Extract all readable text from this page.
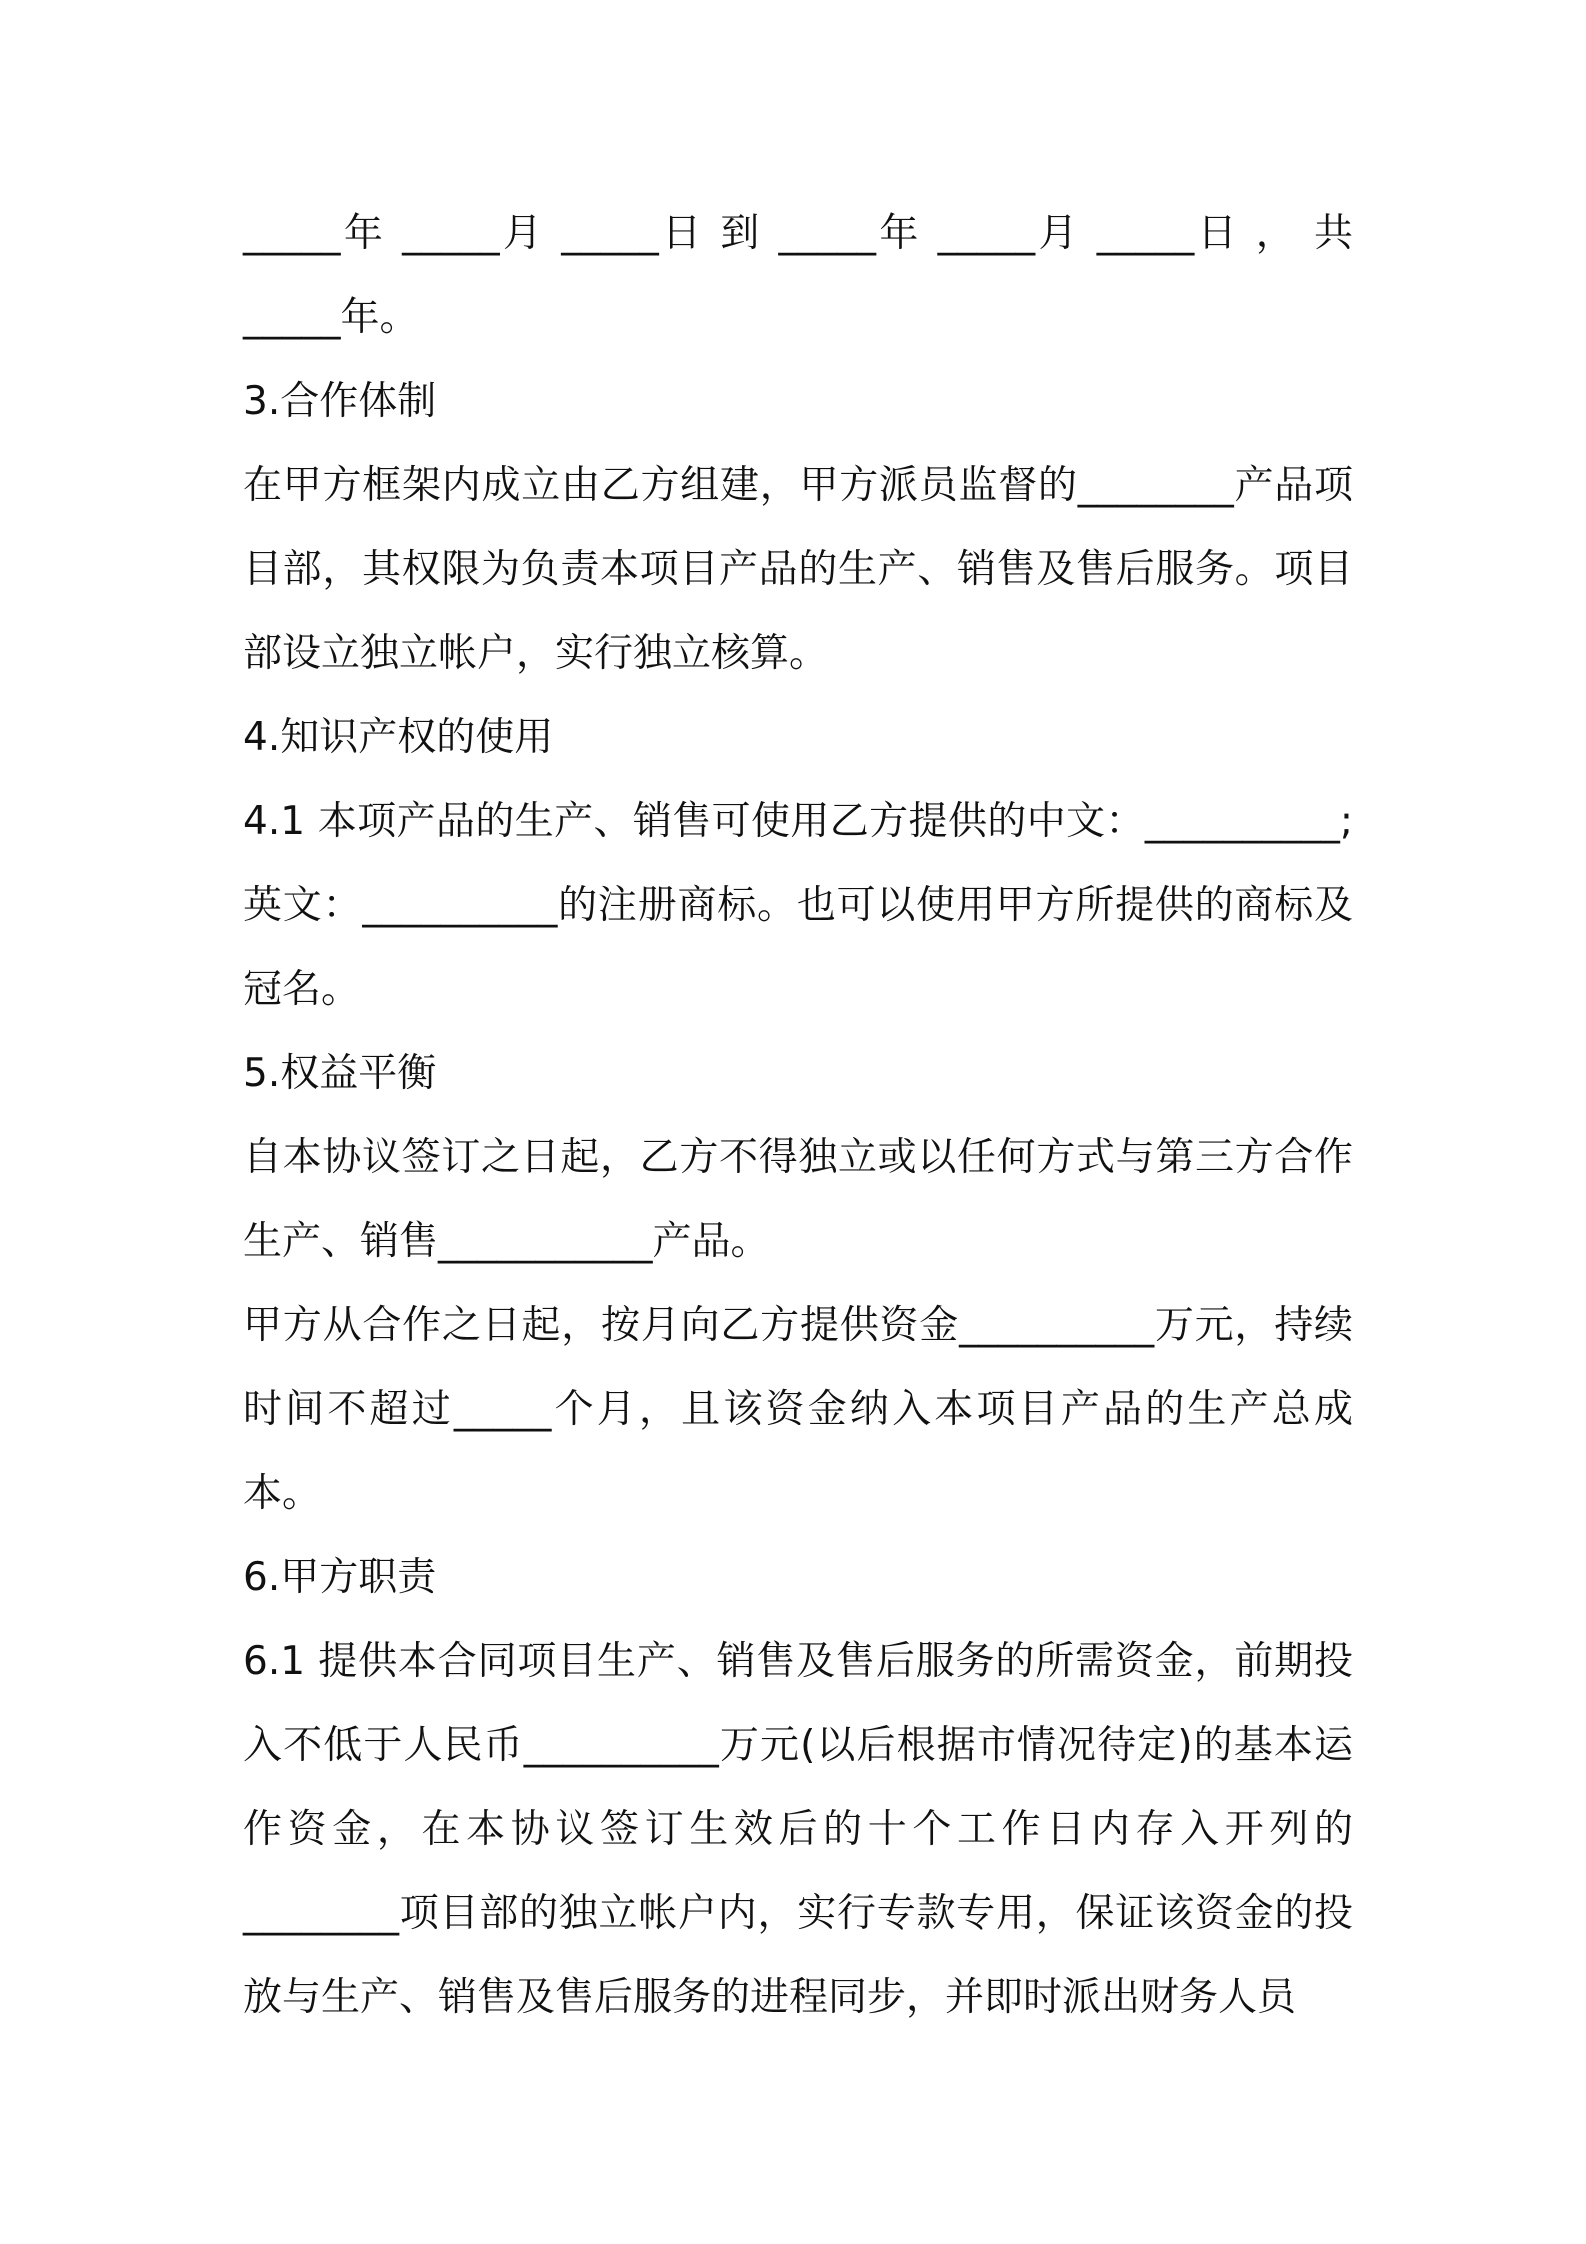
_____年 _____月 _____日 到 _____年 _____月 _____日 ， 共

_____年。

3.合作体制

在甲方框架内成立由乙方组建，甲方派员监督的________产品项目部，其权限为负责本项目产品的生产、销售及售后服务。项目部设立独立帐户，实行独立核算。

4.知识产权的使用

4.1 本项产品的生产、销售可使用乙方提供的中文：__________;英文：__________的注册商标。也可以使用甲方所提供的商标及冠名。

5.权益平衡

自本协议签订之日起，乙方不得独立或以任何方式与第三方合作生产、销售___________产品。

甲方从合作之日起，按月向乙方提供资金__________万元，持续时间不超过_____个月，且该资金纳入本项目产品的生产总成本。

6.甲方职责

6.1 提供本合同项目生产、销售及售后服务的所需资金，前期投入不低于人民币__________万元(以后根据市情况待定)的基本运作资金，在本协议签订生效后的十个工作日内存入开列的________项目部的独立帐户内，实行专款专用，保证该资金的投放与生产、销售及售后服务的进程同步，并即时派出财务人员
